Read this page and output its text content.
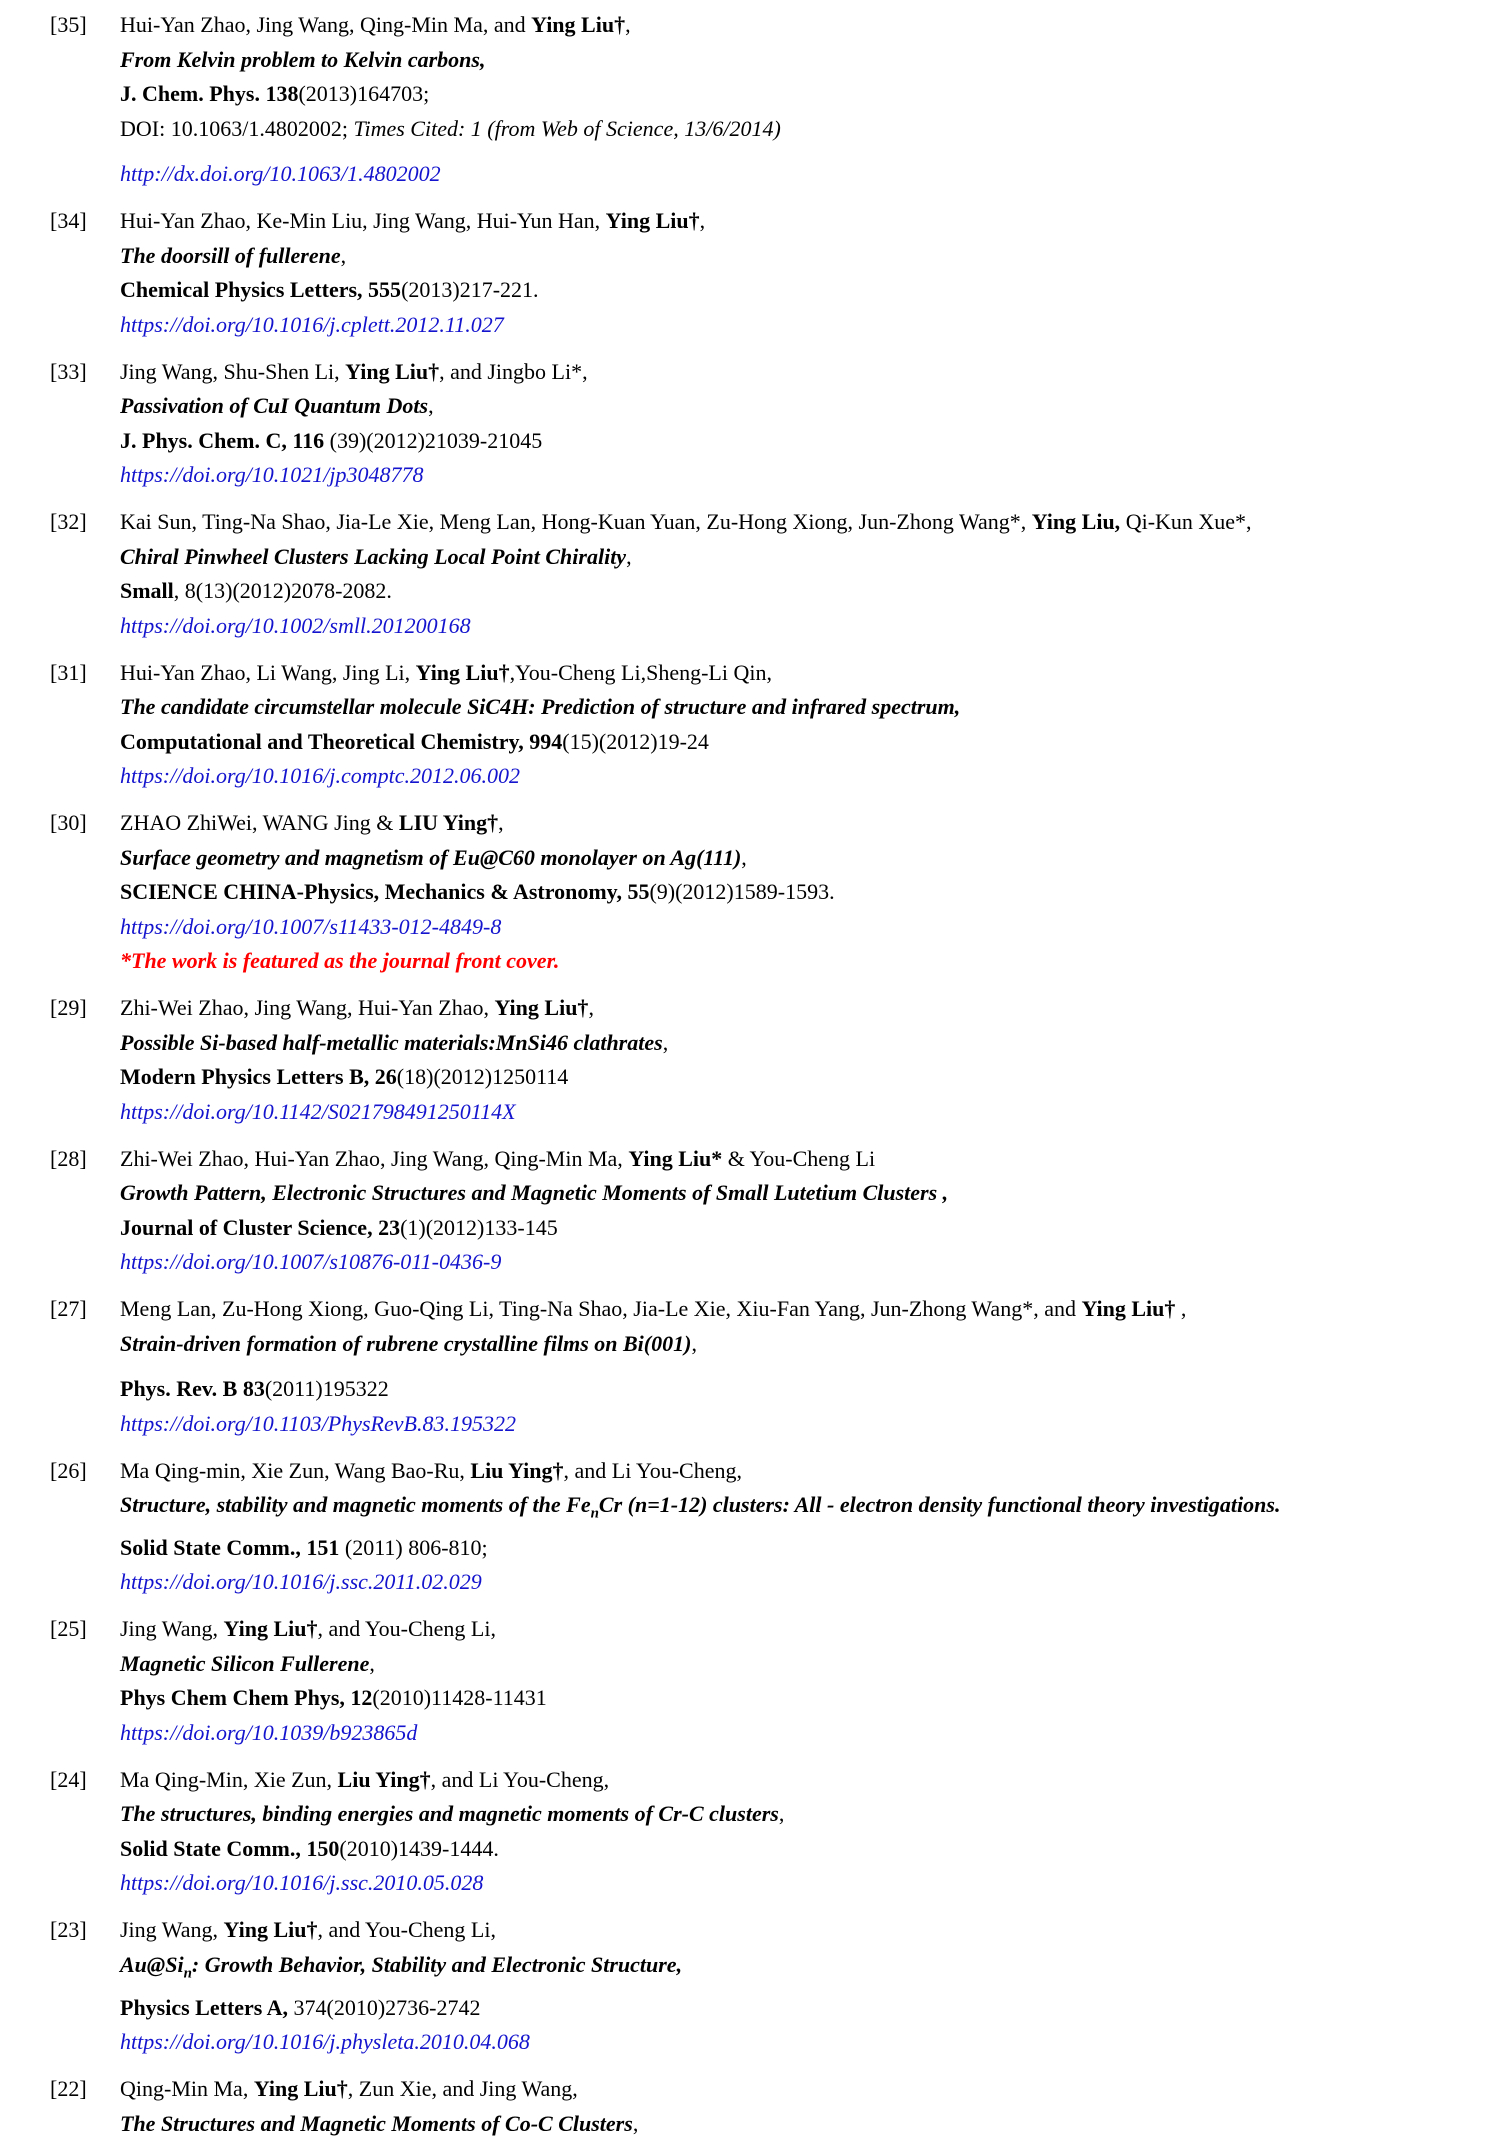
[35]	Hui-Yan Zhao, Jing Wang, Qing-Min Ma, and Ying Liu†,
From Kelvin problem to Kelvin carbons,
J. Chem. Phys. 138(2013)164703;
DOI: 10.1063/1.4802002; Times Cited: 1 (from Web of Science, 13/6/2014)
http://dx.doi.org/10.1063/1.4802002
[34]	Hui-Yan Zhao, Ke-Min Liu, Jing Wang, Hui-Yun Han, Ying Liu†,
The doorsill of fullerene,
Chemical Physics Letters, 555(2013)217-221.
https://doi.org/10.1016/j.cplett.2012.11.027
[33]	Jing Wang, Shu-Shen Li, Ying Liu†, and Jingbo Li*,
Passivation of CuI Quantum Dots,
J. Phys. Chem. C, 116 (39)(2012)21039-21045
https://doi.org/10.1021/jp3048778
[32]	Kai Sun, Ting-Na Shao, Jia-Le Xie, Meng Lan, Hong-Kuan Yuan, Zu-Hong Xiong, Jun-Zhong Wang*, Ying Liu, Qi-Kun Xue*,
Chiral Pinwheel Clusters Lacking Local Point Chirality,
Small, 8(13)(2012)2078-2082.
https://doi.org/10.1002/smll.201200168
[31]	Hui-Yan Zhao, Li Wang, Jing Li, Ying Liu†,You-Cheng Li,Sheng-Li Qin,
The candidate circumstellar molecule SiC4H: Prediction of structure and infrared spectrum,
Computational and Theoretical Chemistry, 994(15)(2012)19-24
https://doi.org/10.1016/j.comptc.2012.06.002
[30]	ZHAO ZhiWei, WANG Jing & LIU Ying†,
Surface geometry and magnetism of Eu@C60 monolayer on Ag(111),
SCIENCE CHINA-Physics, Mechanics & Astronomy, 55(9)(2012)1589-1593.
https://doi.org/10.1007/s11433-012-4849-8
*The work is featured as the journal front cover.
[29]	Zhi-Wei Zhao, Jing Wang, Hui-Yan Zhao, Ying Liu†,
Possible Si-based half-metallic materials:MnSi46 clathrates,
Modern Physics Letters B, 26(18)(2012)1250114
https://doi.org/10.1142/S021798491250114X
[28]	Zhi-Wei Zhao, Hui-Yan Zhao, Jing Wang, Qing-Min Ma, Ying Liu* & You-Cheng Li
Growth Pattern, Electronic Structures and Magnetic Moments of Small Lutetium Clusters ,
Journal of Cluster Science, 23(1)(2012)133-145
https://doi.org/10.1007/s10876-011-0436-9
[27]	Meng Lan, Zu-Hong Xiong, Guo-Qing Li, Ting-Na Shao, Jia-Le Xie, Xiu-Fan Yang, Jun-Zhong Wang*, and Ying Liu† ,
Strain-driven formation of rubrene crystalline films on Bi(001),
Phys. Rev. B 83(2011)195322
https://doi.org/10.1103/PhysRevB.83.195322
[26]	Ma Qing-min, Xie Zun, Wang Bao-Ru, Liu Ying†, and Li You-Cheng,
Structure, stability and magnetic moments of the $Fe_nCr$ (n=1-12) clusters: All - electron density functional theory investigations.
Solid State Comm., 151 (2011) 806-810;
https://doi.org/10.1016/j.ssc.2011.02.029
[25]	Jing Wang, Ying Liu†, and You-Cheng Li,
Magnetic Silicon Fullerene,
Phys Chem Chem Phys, 12(2010)11428-11431
https://doi.org/10.1039/b923865d
[24]	Ma Qing-Min, Xie Zun, Liu Ying†, and Li You-Cheng,
The structures, binding energies and magnetic moments of Cr-C clusters,
Solid State Comm., 150(2010)1439-1444.
https://doi.org/10.1016/j.ssc.2010.05.028
[23]	Jing Wang, Ying Liu†, and You-Cheng Li,
$Au@Si_n$: Growth Behavior, Stability and Electronic Structure,
Physics Letters A, 374(2010)2736-2742
https://doi.org/10.1016/j.physleta.2010.04.068
[22]	Qing-Min Ma, Ying Liu†, Zun Xie, and Jing Wang,
The Structures and Magnetic Moments of Co-C Clusters,
